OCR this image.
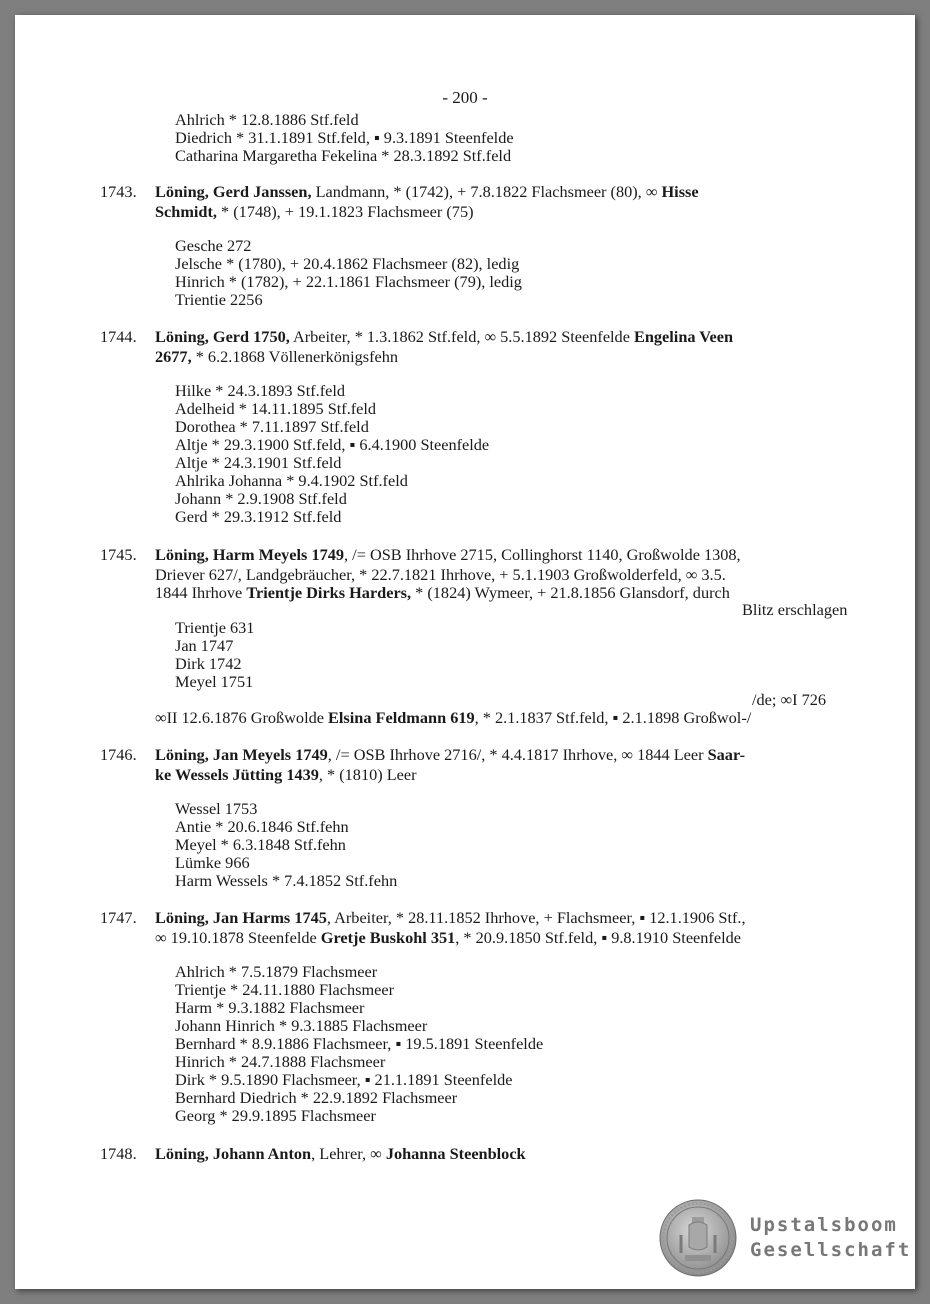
- 200 -
Ahlrich * 12.8.1886 Stf.feld
Diedrich * 31.1.1891 Stf.feld, ▪ 9.3.1891 Steenfelde
Catharina Margaretha Fekelina * 28.3.1892 Stf.feld
1743. Löning, Gerd Janssen, Landmann, * (1742), + 7.8.1822 Flachsmeer (80), ∞ Hisse
Schmidt, * (1748), + 19.1.1823 Flachsmeer (75)
Gesche 272
Jelsche * (1780), + 20.4.1862 Flachsmeer (82), ledig
Hinrich * (1782), + 22.1.1861 Flachsmeer (79), ledig
Trientie 2256
1744. Löning, Gerd 1750, Arbeiter, * 1.3.1862 Stf.feld, ∞ 5.5.1892 Steenfelde Engelina Veen
2677, * 6.2.1868 Völlenerkönigsfehn
Hilke * 24.3.1893 Stf.feld
Adelheid * 14.11.1895 Stf.feld
Dorothea * 7.11.1897 Stf.feld
Altje * 29.3.1900 Stf.feld, ▪ 6.4.1900 Steenfelde
Altje * 24.3.1901 Stf.feld
Ahlrika Johanna * 9.4.1902 Stf.feld
Johann * 2.9.1908 Stf.feld
Gerd * 29.3.1912 Stf.feld
1745. Löning, Harm Meyels 1749, /= OSB Ihrhove 2715, Collinghorst 1140, Großwolde 1308,
Driever 627/, Landgebräucher, * 22.7.1821 Ihrhove, + 5.1.1903 Großwolderfeld, ∞ 3.5.
1844 Ihrhove Trientje Dirks Harders, * (1824) Wymeer, + 21.8.1856 Glansdorf, durch
Blitz erschlagen
Trientje 631
Jan 1747
Dirk 1742
Meyel 1751
/de; ∞I 726
∞II 12.6.1876 Großwolde Elsina Feldmann 619, * 2.1.1837 Stf.feld, ▪ 2.1.1898 Großwol-/
1746. Löning, Jan Meyels 1749, /= OSB Ihrhove 2716/, * 4.4.1817 Ihrhove, ∞ 1844 Leer Saar-
ke Wessels Jütting 1439, * (1810) Leer
Wessel 1753
Antie * 20.6.1846 Stf.fehn
Meyel * 6.3.1848 Stf.fehn
Lümke 966
Harm Wessels * 7.4.1852 Stf.fehn
1747. Löning, Jan Harms 1745, Arbeiter, * 28.11.1852 Ihrhove, + Flachsmeer, ▪ 12.1.1906 Stf.,
∞ 19.10.1878 Steenfelde Gretje Buskohl 351, * 20.9.1850 Stf.feld, ▪ 9.8.1910 Steenfelde
Ahlrich * 7.5.1879 Flachsmeer
Trientje * 24.11.1880 Flachsmeer
Harm * 9.3.1882 Flachsmeer
Johann Hinrich * 9.3.1885 Flachsmeer
Bernhard * 8.9.1886 Flachsmeer, ▪ 19.5.1891 Steenfelde
Hinrich * 24.7.1888 Flachsmeer
Dirk * 9.5.1890 Flachsmeer, ▪ 21.1.1891 Steenfelde
Bernhard Diedrich * 22.9.1892 Flachsmeer
Georg * 29.9.1895 Flachsmeer
1748. Löning, Johann Anton, Lehrer, ∞ Johanna Steenblock
Upstalsboom
Gesellschaft
